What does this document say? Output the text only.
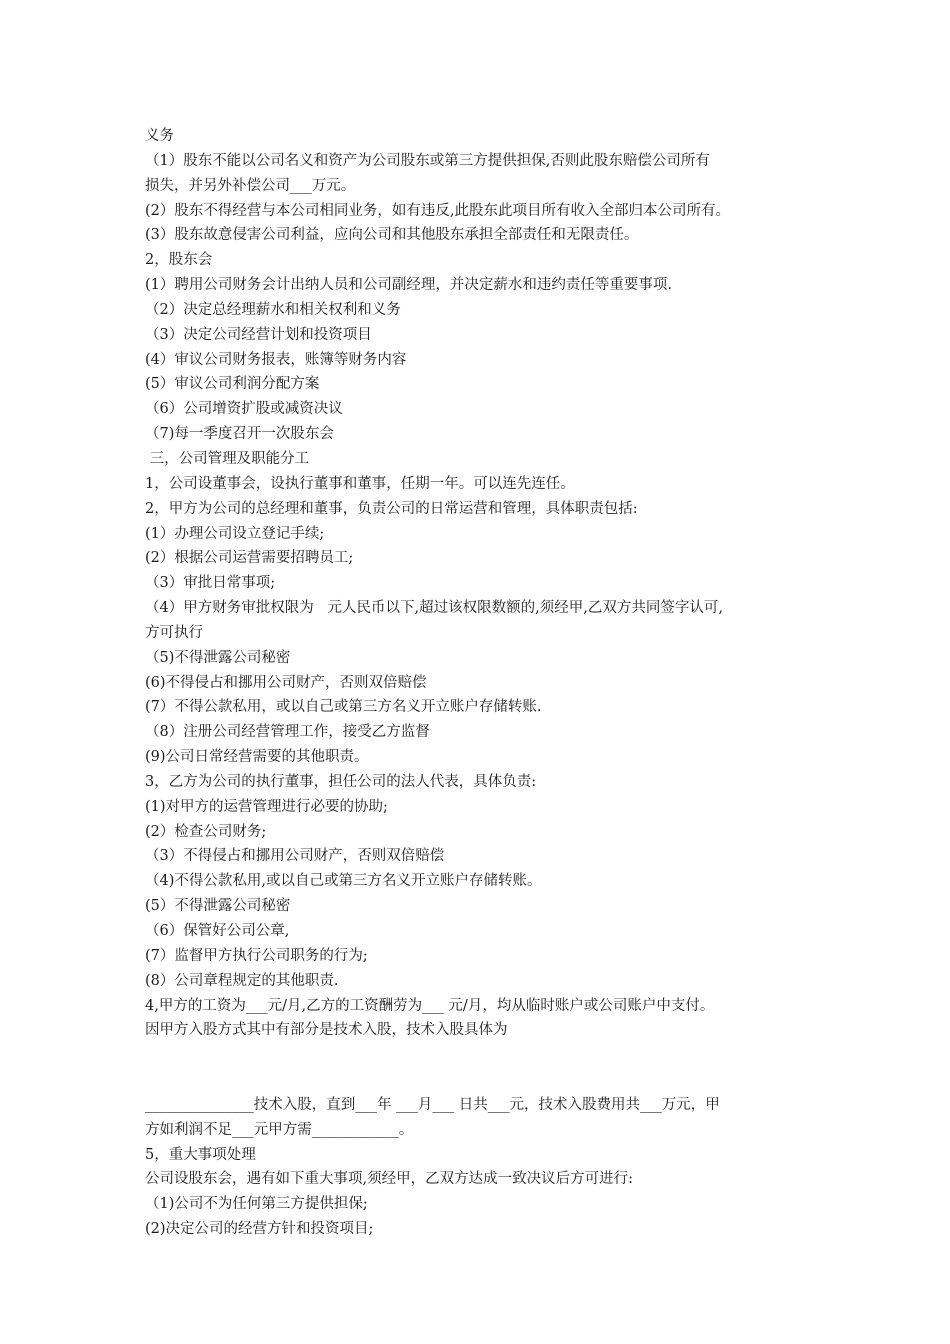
义务
（1）股东不能以公司名义和资产为公司股东或第三方提供担保,否则此股东赔偿公司所有
损失，并另外补偿公司___万元。
(2）股东不得经营与本公司相同业务，如有违反,此股东此项目所有收入全部归本公司所有。
(3）股东故意侵害公司利益，应向公司和其他股东承担全部责任和无限责任。
2，股东会
(1）聘用公司财务会计出纳人员和公司副经理，并决定薪水和违约责任等重要事项.
（2）决定总经理薪水和相关权利和义务
（3）决定公司经营计划和投资项目
(4）审议公司财务报表，账簿等财务内容
(5）审议公司利润分配方案
（6）公司增资扩股或减资决议
（7)每一季度召开一次股东会
三，公司管理及职能分工
1，公司设董事会，设执行董事和董事，任期一年。可以连先连任。
2，甲方为公司的总经理和董事，负责公司的日常运营和管理，具体职责包括:
(1）办理公司设立登记手续;
(2）根据公司运营需要招聘员工;
（3）审批日常事项;
（4）甲方财务审批权限为   元人民币以下,超过该权限数额的,须经甲,乙双方共同签字认可,
方可执行
（5)不得泄露公司秘密
(6)不得侵占和挪用公司财产，否则双倍赔偿
(7）不得公款私用，或以自己或第三方名义开立账户存储转账.
（8）注册公司经营管理工作，接受乙方监督
(9)公司日常经营需要的其他职责。
3，乙方为公司的执行董事，担任公司的法人代表，具体负责:
(1)对甲方的运营管理进行必要的协助;
(2）检查公司财务;
（3）不得侵占和挪用公司财产，否则双倍赔偿
（4)不得公款私用,或以自己或第三方名义开立账户存储转账。
(5）不得泄露公司秘密
（6）保管好公司公章,
(7）监督甲方执行公司职务的行为;
(8）公司章程规定的其他职责.
4,甲方的工资为___元/月,乙方的工资酬劳为___ 元/月，均从临时账户或公司账户中支付。
因甲方入股方式其中有部分是技术入股，技术入股具体为
_______________技术入股，直到___年 ___月___ 日共___元，技术入股费用共___万元，甲
方如利润不足___元甲方需____________。
5，重大事项处理
公司设股东会，遇有如下重大事项,须经甲，乙双方达成一致决议后方可进行:
（1)公司不为任何第三方提供担保;
(2)决定公司的经营方针和投资项目;
